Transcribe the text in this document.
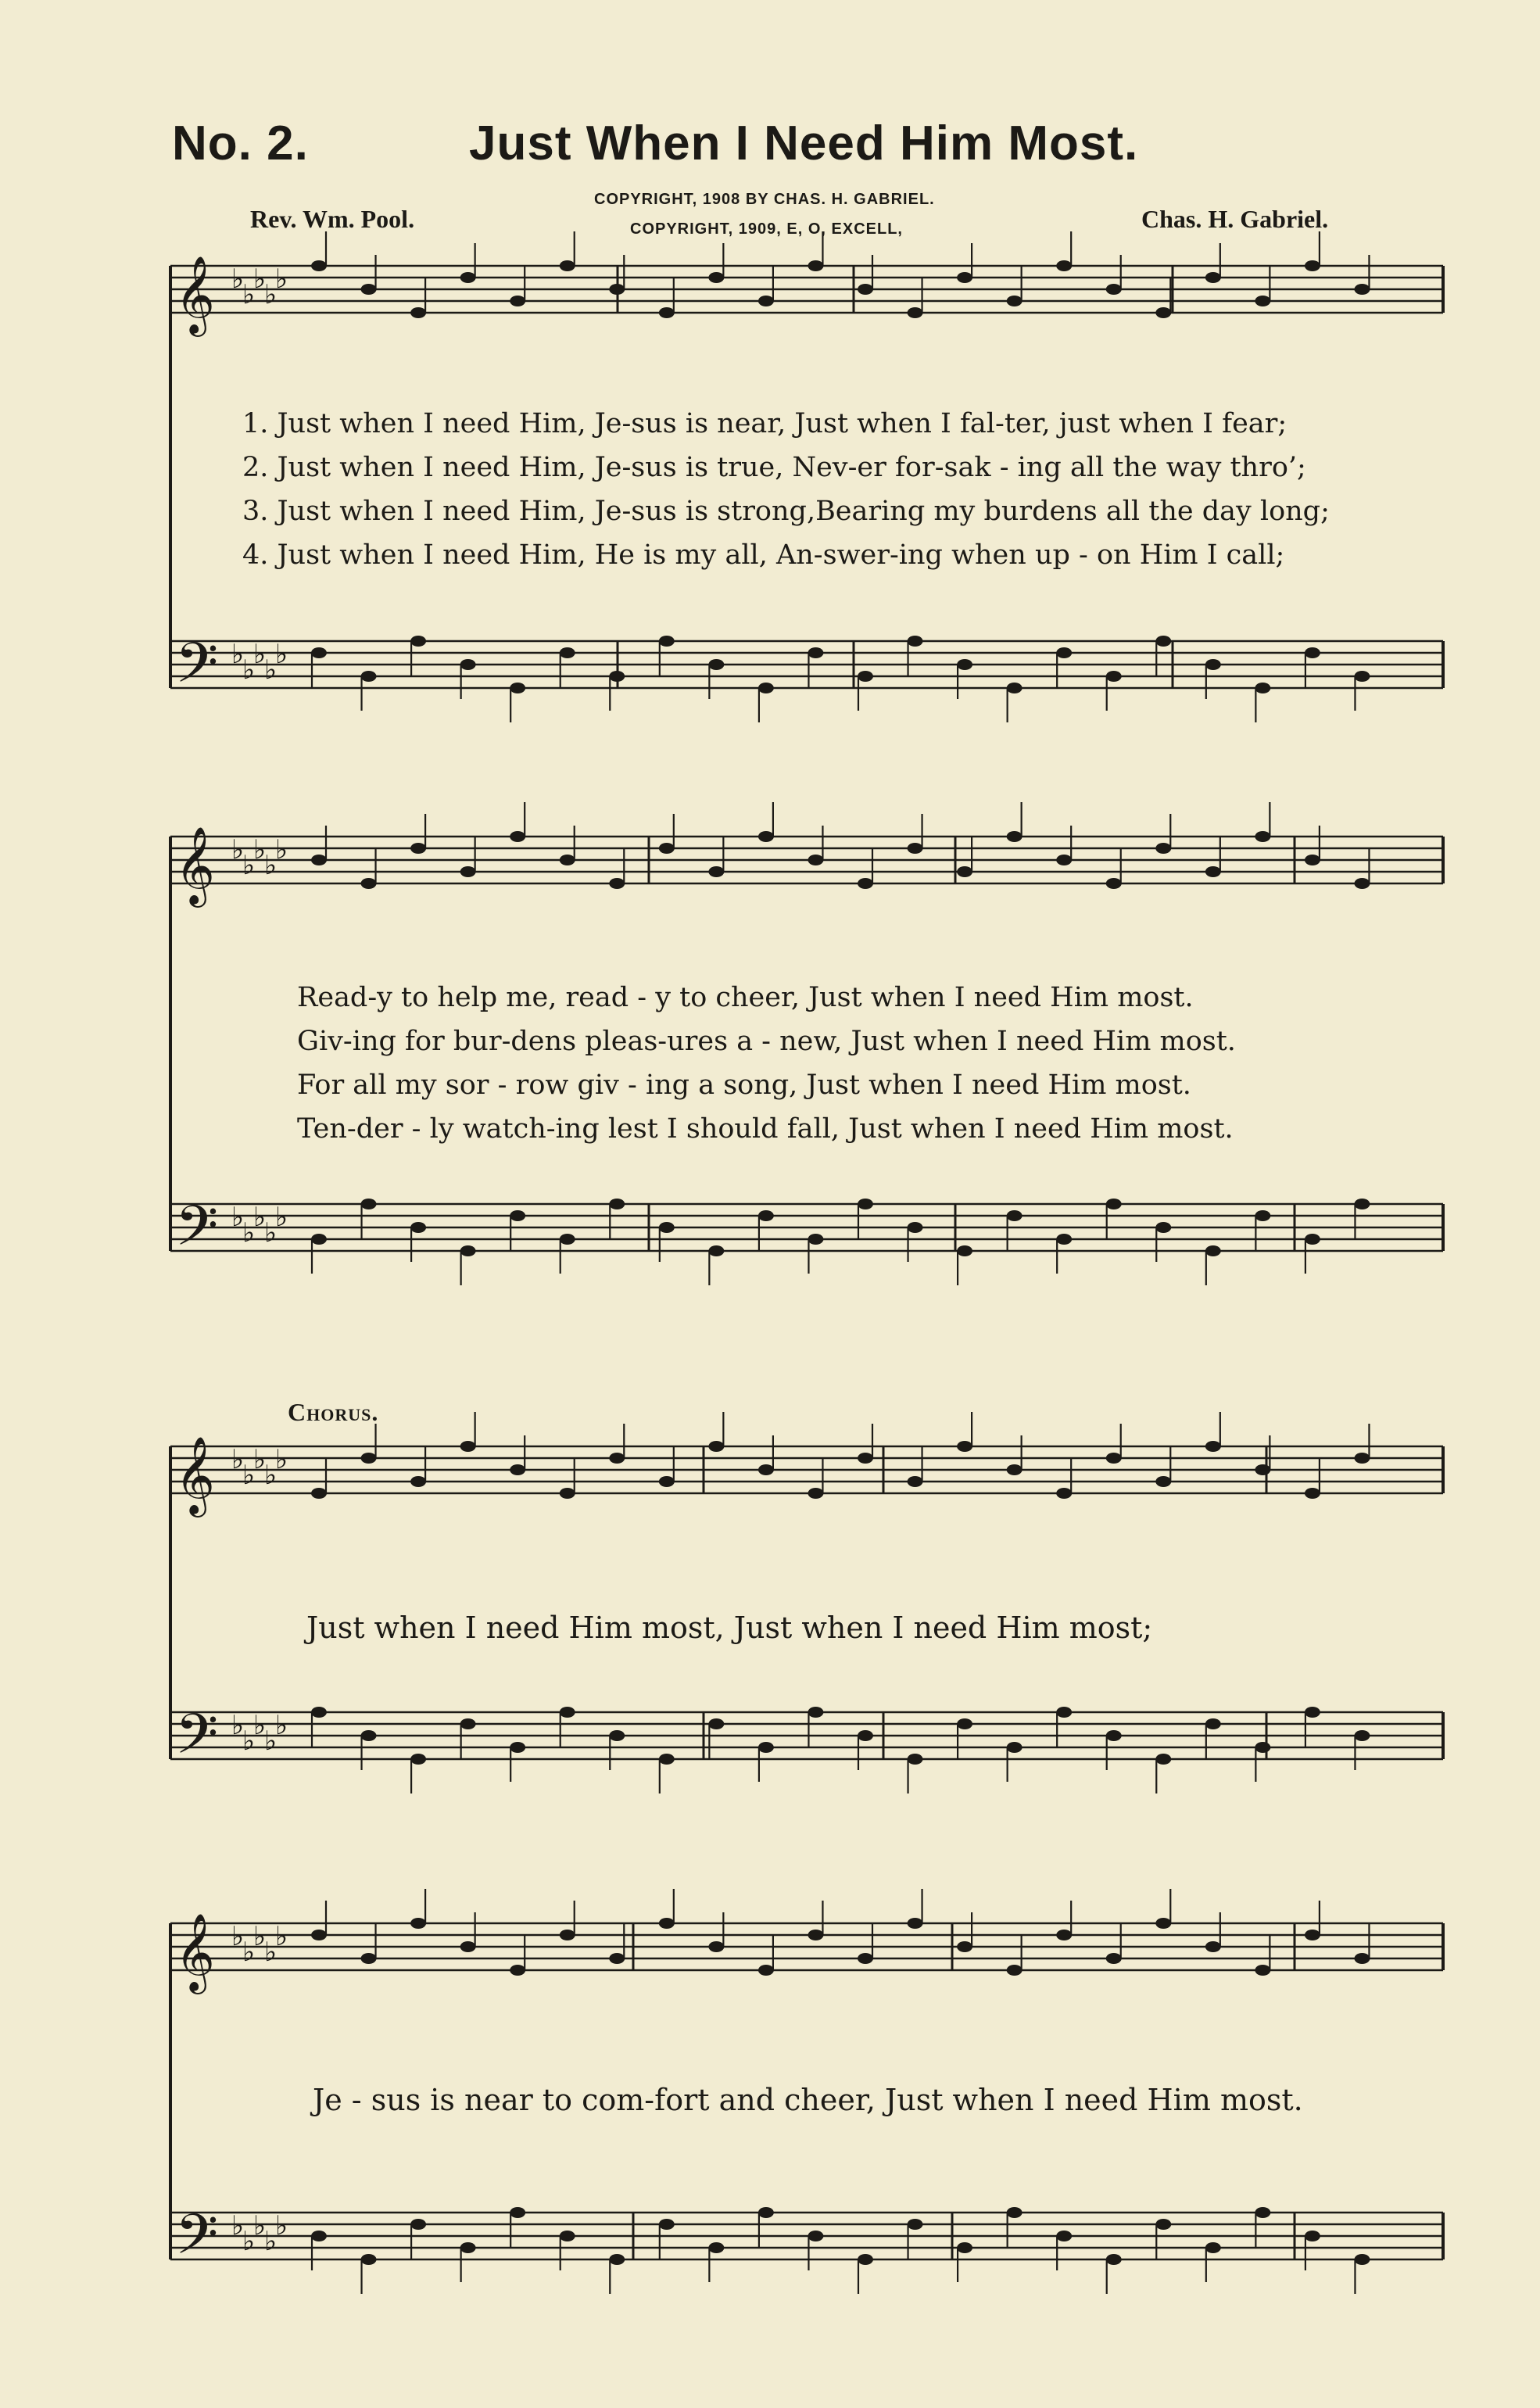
No. 2.	Just When I Need Him Most.
COPYRIGHT, 1908 BY CHAS. H. GABRIEL.
COPYRIGHT, 1909, E, O, EXCELL,
Rev. Wm. Pool.	Chas. H. Gabriel.
𝄞 ♭
♭
♭
♭
♭
𝄢 ♭
♭
♭
♭
♭
𝄞 ♭
♭
♭
♭
♭
𝄢 ♭
♭
♭
♭
♭
𝄞 ♭
♭
♭
♭
♭
𝄢 ♭
♭
♭
♭
♭
𝄞 ♭
♭
♭
♭
♭
𝄢 ♭
♭
♭
♭
♭
1. Just when I need Him, Je-sus is near, Just when I fal-ter, just when I fear;
2. Just when I need Him, Je-sus is true, Nev-er for-sak - ing all the way thro’;
3. Just when I need Him, Je-sus is strong,Bearing my burdens all the day long;
4. Just when I need Him, He is my all, An-swer-ing when up - on Him I call;
Read-y to help me, read - y to cheer, Just when I need Him most.
Giv-ing for bur-dens pleas-ures a - new, Just when I need Him most.
For all my sor - row giv - ing a song, Just when I need Him most.
Ten-der - ly watch-ing lest I should fall, Just when I need Him most.
Chorus.
Just when I need Him most, Just when I need Him most;
Je - sus is near to com-fort and cheer, Just when I need Him most.
